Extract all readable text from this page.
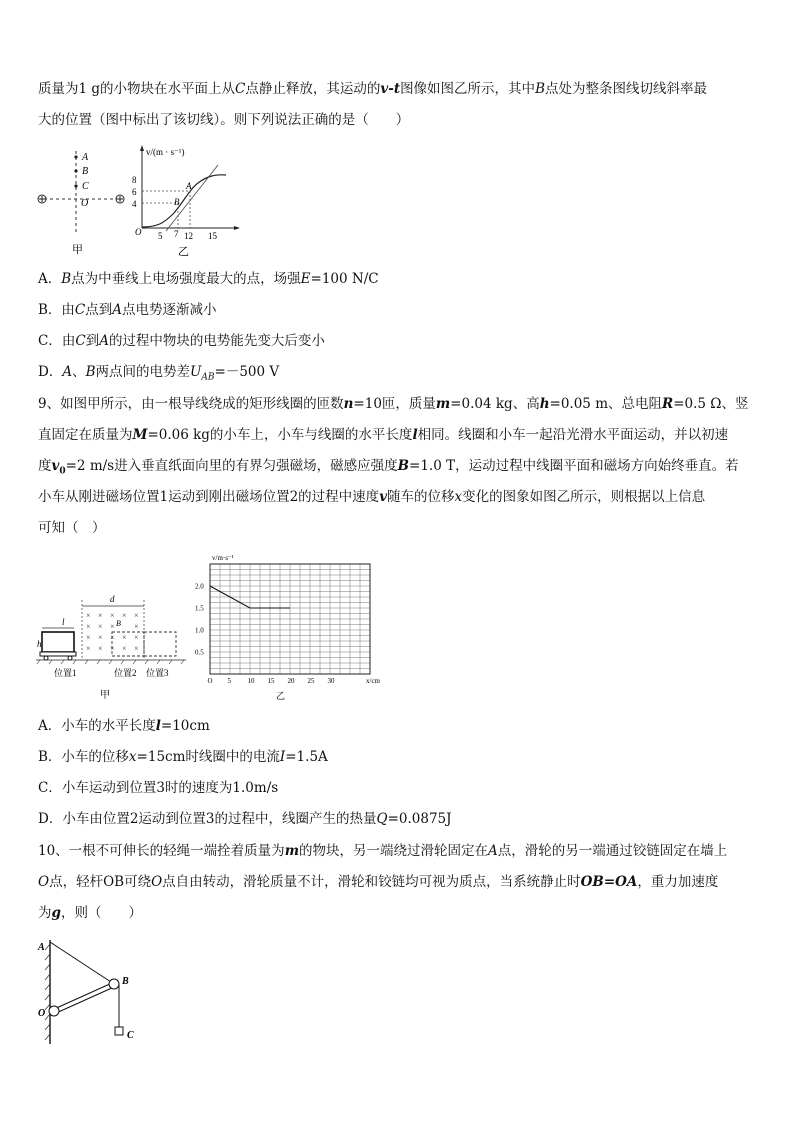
质量为1 g的小物块在水平面上从C点静止释放，其运动的v-t图像如图乙所示，其中B点处为整条图线切线斜率最
大的位置（图中标出了该切线）。则下列说法正确的是（　　）
A
B
C
O
甲
v/(m · s⁻¹)
8
6
4
O 5 7 12 15
A
B
乙
A．B点为中垂线上电场强度最大的点，场强E=100 N/C
B．由C点到A点电势逐渐减小
C．由C到A的过程中物块的电势能先变大后变小
D．A、B两点间的电势差$U_{AB}=-500$ V
9、如图甲所示，由一根导线绕成的矩形线圈的匝数n=10匝，质量m=0.04 kg、高h=0.05 m、总电阻R=0.5 Ω、竖
直固定在质量为M=0.06 kg的小车上，小车与线圈的水平长度l相同。线圈和小车一起沿光滑水平面运动，并以初速
度$v_0=2$ m/s进入垂直纸面向里的有界匀强磁场，磁感应强度B=1.0 T，运动过程中线圈平面和磁场方向始终垂直。若
小车从刚进磁场位置1运动到刚出磁场位置2的过程中速度v随车的位移x变化的图象如图乙所示，则根据以上信息
可知（　）
d
× × × × ×
× × × ×
× × × × ×
× × × × ×
B
l
h
位置1	位置2 位置3
甲
v/m·s⁻¹
x/cm
乙
O 5 10 15 20 25 30
0.5
1.0
1.5
2.0
A．小车的水平长度l=10cm
B．小车的位移x=15cm时线圈中的电流I=1.5A
C．小车运动到位置3时的速度为1.0m/s
D．小车由位置2运动到位置3的过程中，线圈产生的热量Q=0.0875J
10、一根不可伸长的轻绳一端拴着质量为m的物块，另一端绕过滑轮固定在A点，滑轮的另一端通过铰链固定在墙上
O点，轻杆OB可绕O点自由转动，滑轮质量不计，滑轮和铰链均可视为质点，当系统静止时OB=OA，重力加速度
为g，则（　　）
A
B
O
C
